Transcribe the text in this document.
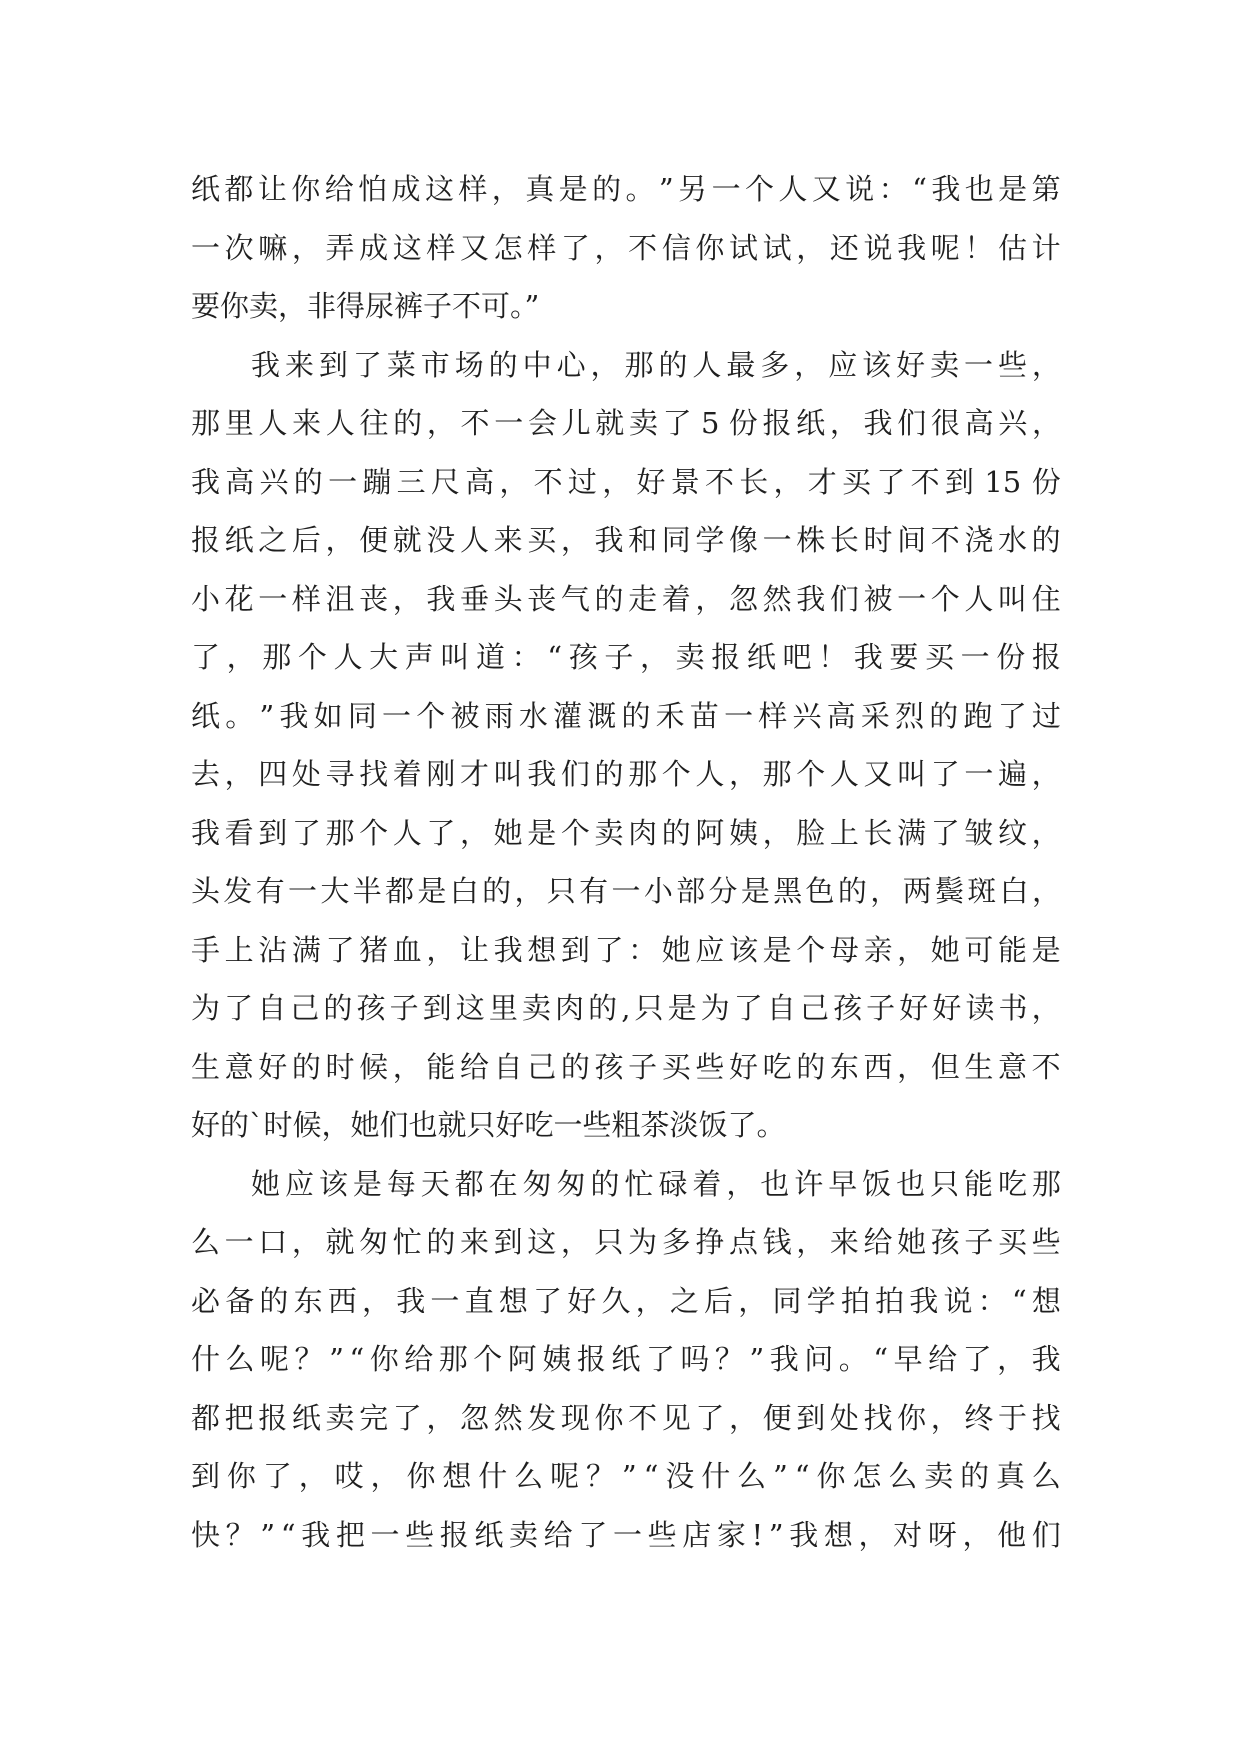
纸 都 让 你 给 怕 成 这 样 ， 真 是 的 。 ” 另 一 个 人 又 说 ： “ 我 也 是 第
一 次 嘛 ， 弄 成 这 样 又 怎 样 了 ， 不 信 你 试 试 ， 还 说 我 呢 ！ 估 计
要你卖，非得尿裤子不可。”
我 来 到 了 菜 市 场 的 中 心 ， 那 的 人 最 多 ， 应 该 好 卖 一 些 ，
那 里 人 来 人 往 的 ， 不 一 会 儿 就 卖 了 5 份 报 纸 ， 我 们 很 高 兴 ，
我 高 兴 的 一 蹦 三 尺 高 ， 不 过 ， 好 景 不 长 ， 才 买 了 不 到 15 份
报 纸 之 后 ， 便 就 没 人 来 买 ， 我 和 同 学 像 一 株 长 时 间 不 浇 水 的
小 花 一 样 沮 丧 ， 我 垂 头 丧 气 的 走 着 ， 忽 然 我 们 被 一 个 人 叫 住
了 ， 那 个 人 大 声 叫 道 ： “ 孩 子 ， 卖 报 纸 吧 ！ 我 要 买 一 份 报
纸 。 ” 我 如 同 一 个 被 雨 水 灌 溉 的 禾 苗 一 样 兴 高 采 烈 的 跑 了 过
去 ， 四 处 寻 找 着 刚 才 叫 我 们 的 那 个 人 ， 那 个 人 又 叫 了 一 遍 ，
我 看 到 了 那 个 人 了 ， 她 是 个 卖 肉 的 阿 姨 ， 脸 上 长 满 了 皱 纹 ，
头 发 有 一 大 半 都 是 白 的 ， 只 有 一 小 部 分 是 黑 色 的 ， 两 鬓 斑 白 ，
手 上 沾 满 了 猪 血 ， 让 我 想 到 了 ： 她 应 该 是 个 母 亲 ， 她 可 能 是
为 了 自 己 的 孩 子 到 这 里 卖 肉 的 , 只 是 为 了 自 己 孩 子 好 好 读 书 ，
生 意 好 的 时 候 ， 能 给 自 己 的 孩 子 买 些 好 吃 的 东 西 ， 但 生 意 不
好的`时候，她们也就只好吃一些粗茶淡饭了。
她 应 该 是 每 天 都 在 匆 匆 的 忙 碌 着 ， 也 许 早 饭 也 只 能 吃 那
么 一 口 ， 就 匆 忙 的 来 到 这 ， 只 为 多 挣 点 钱 ， 来 给 她 孩 子 买 些
必 备 的 东 西 ， 我 一 直 想 了 好 久 ， 之 后 ， 同 学 拍 拍 我 说 ： “ 想
什 么 呢 ？ ” “ 你 给 那 个 阿 姨 报 纸 了 吗 ？ ” 我 问 。 “ 早 给 了 ， 我
都 把 报 纸 卖 完 了 ， 忽 然 发 现 你 不 见 了 ， 便 到 处 找 你 ， 终 于 找
到 你 了 ， 哎 ， 你 想 什 么 呢 ？ ” “ 没 什 么 ” “ 你 怎 么 卖 的 真 么
快 ？ ” “ 我 把 一 些 报 纸 卖 给 了 一 些 店 家 ! ” 我 想 ， 对 呀 ， 他 们
